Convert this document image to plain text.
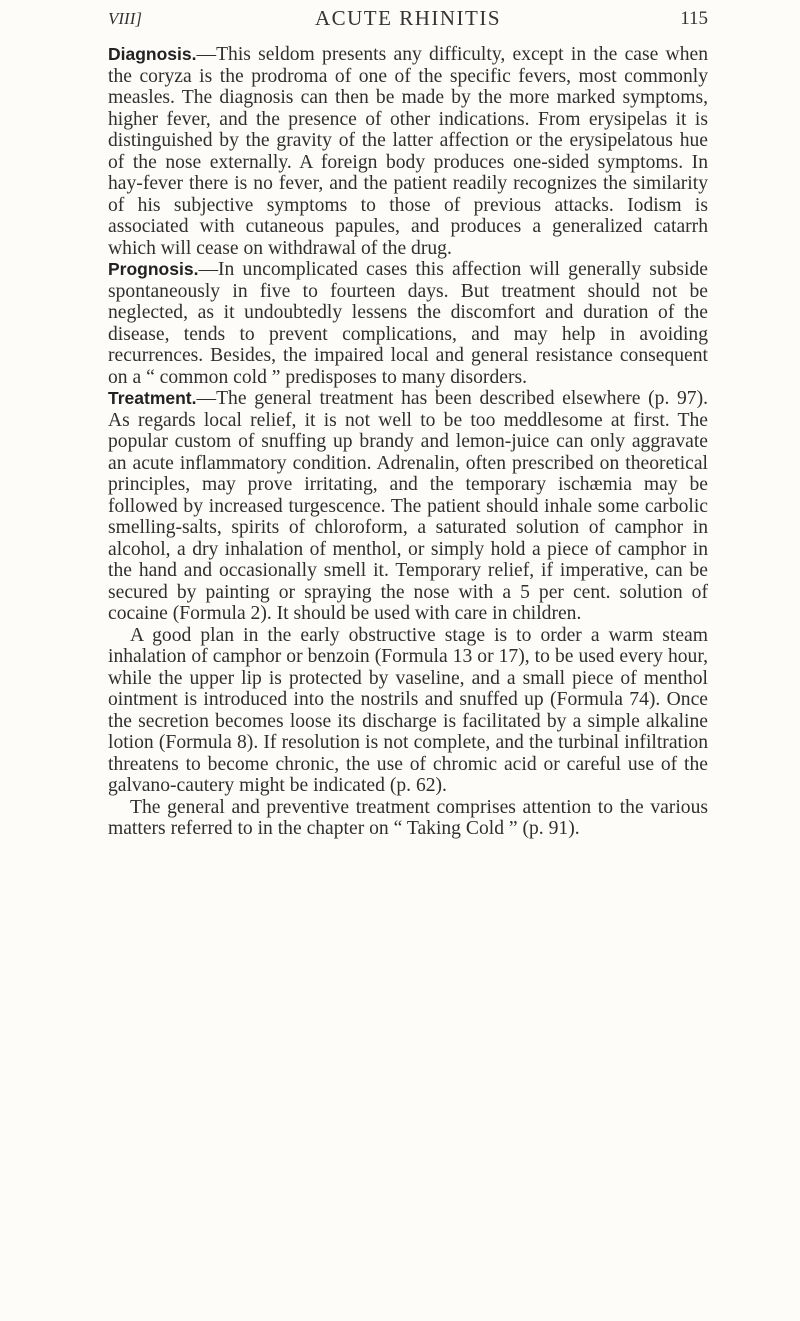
VIII]	ACUTE RHINITIS	115

Diagnosis.—This seldom presents any difficulty, except in the case when the coryza is the prodroma of one of the specific fevers, most commonly measles. The diagnosis can then be made by the more marked symptoms, higher fever, and the presence of other indications. From erysipelas it is distinguished by the gravity of the latter affection or the erysipelatous hue of the nose externally. A foreign body produces one-sided symptoms. In hay-fever there is no fever, and the patient readily recognizes the similarity of his subjective symptoms to those of previous attacks. Iodism is associated with cutaneous papules, and produces a generalized catarrh which will cease on withdrawal of the drug.

Prognosis.—In uncomplicated cases this affection will generally subside spontaneously in five to fourteen days. But treatment should not be neglected, as it undoubtedly lessens the discomfort and duration of the disease, tends to prevent complications, and may help in avoiding recurrences. Besides, the impaired local and general resistance consequent on a “ common cold ” predisposes to many disorders.

Treatment.—The general treatment has been described elsewhere (p. 97). As regards local relief, it is not well to be too meddlesome at first. The popular custom of snuffing up brandy and lemon-juice can only aggravate an acute inflammatory condition. Adrenalin, often prescribed on theoretical principles, may prove irritating, and the temporary ischæmia may be followed by increased turgescence. The patient should inhale some carbolic smelling-salts, spirits of chloroform, a saturated solution of camphor in alcohol, a dry inhalation of menthol, or simply hold a piece of camphor in the hand and occasionally smell it. Temporary relief, if imperative, can be secured by painting or spraying the nose with a 5 per cent. solution of cocaine (Formula 2). It should be used with care in children.

A good plan in the early obstructive stage is to order a warm steam inhalation of camphor or benzoin (Formula 13 or 17), to be used every hour, while the upper lip is protected by vaseline, and a small piece of menthol ointment is introduced into the nostrils and snuffed up (Formula 74). Once the secretion becomes loose its discharge is facilitated by a simple alkaline lotion (Formula 8). If resolution is not complete, and the turbinal infiltration threatens to become chronic, the use of chromic acid or careful use of the galvano-cautery might be indicated (p. 62).

The general and preventive treatment comprises attention to the various matters referred to in the chapter on “ Taking Cold ” (p. 91).
